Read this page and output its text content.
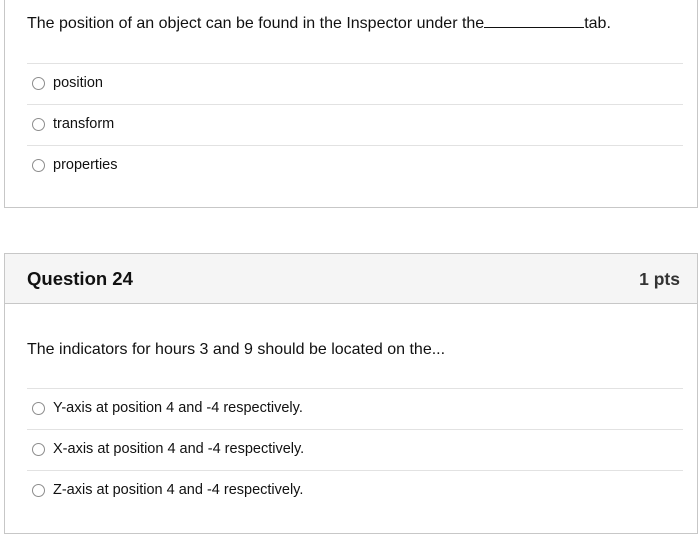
The position of an object can be found in the Inspector under the	tab.
position
transform
properties
Question 24	1 pts
The indicators for hours 3 and 9 should be located on the...
Y-axis at position 4 and -4 respectively.
X-axis at position 4 and -4 respectively.
Z-axis at position 4 and -4 respectively.
